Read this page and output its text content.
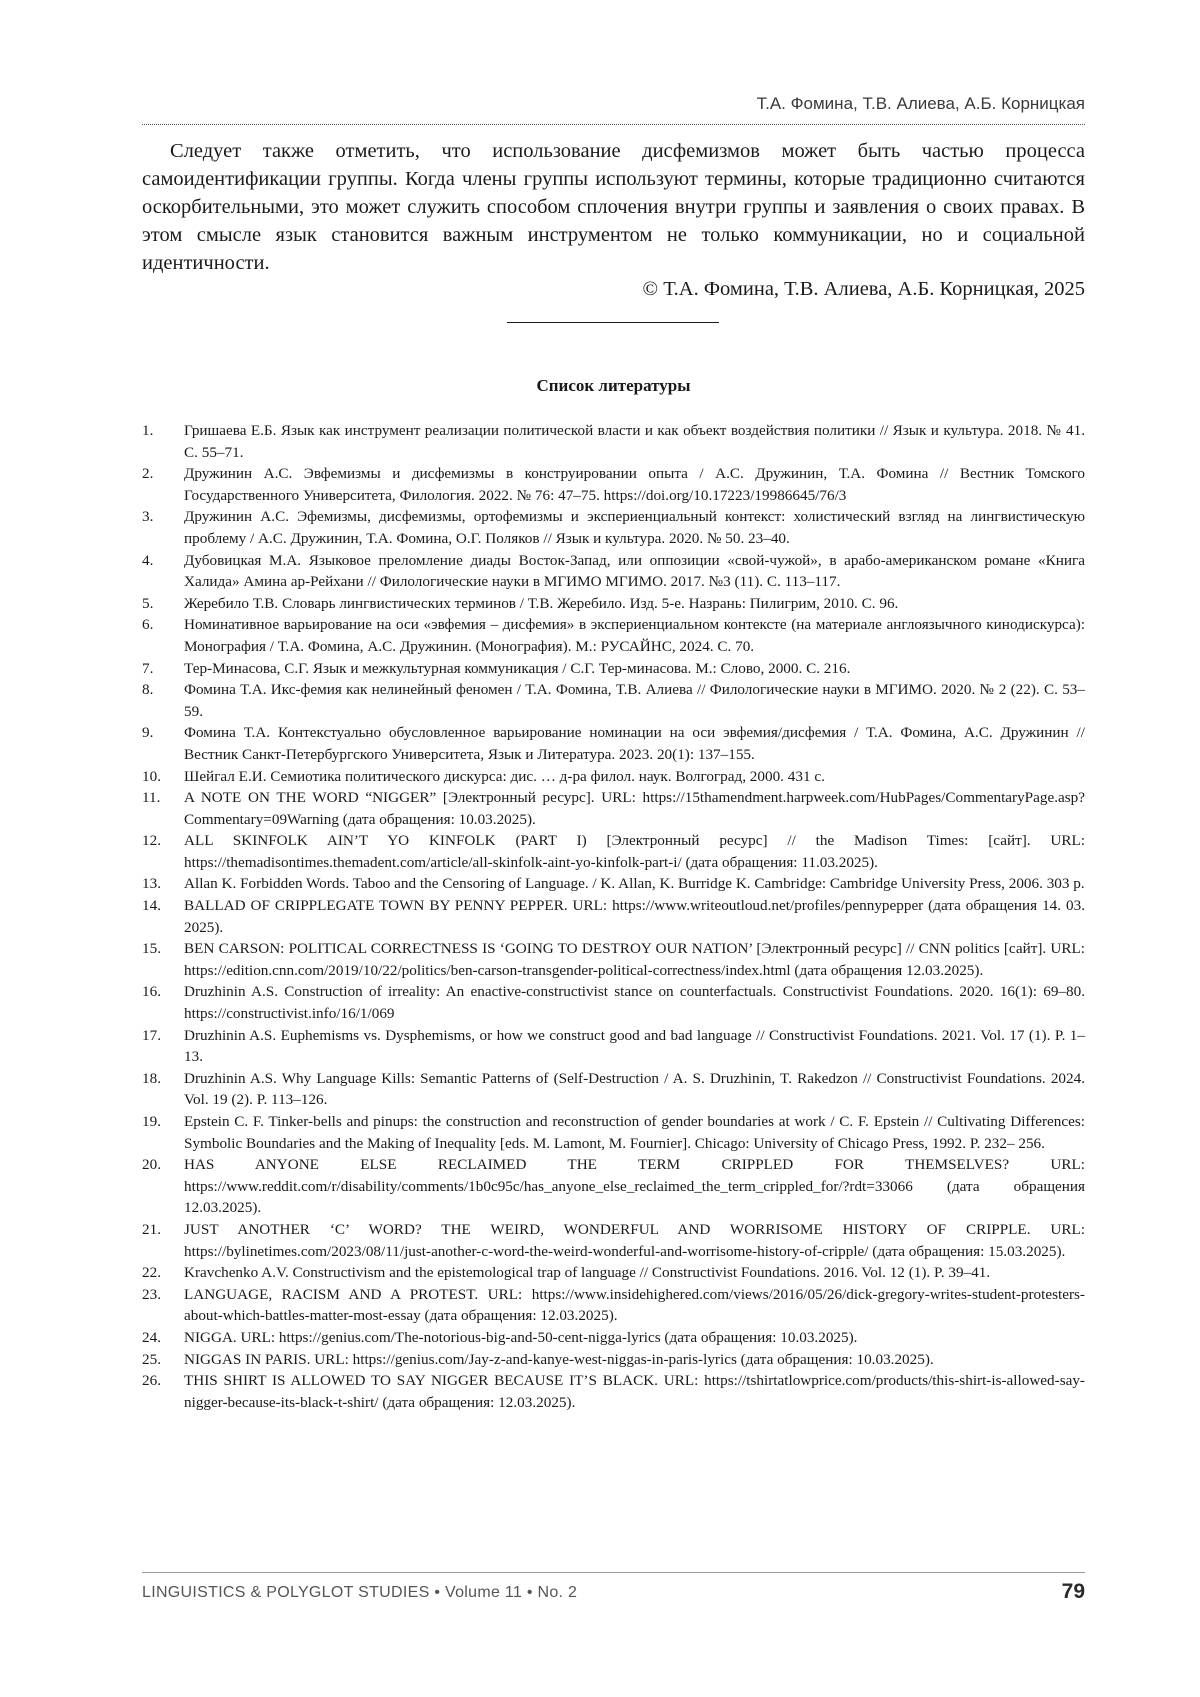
Т.А. Фомина, Т.В. Алиева, А.Б. Корницкая

Следует также отметить, что использование дисфемизмов может быть частью процесса самоидентификации группы. Когда члены группы используют термины, которые традиционно считаются оскорбительными, это может служить способом сплочения внутри группы и заявления о своих правах. В этом смысле язык становится важным инструментом не только коммуникации, но и социальной идентичности.

© Т.А. Фомина, Т.В. Алиева, А.Б. Корницкая, 2025
Список литературы
1. Гришаева Е.Б. Язык как инструмент реализации политической власти и как объект воздействия политики // Язык и культура. 2018. № 41. С. 55–71.
2. Дружинин А.С. Эвфемизмы и дисфемизмы в конструировании опыта / А.С. Дружинин, Т.А. Фомина // Вестник Томского Государственного Университета, Филология. 2022. № 76: 47–75. https://doi.org/10.17223/19986645/76/3
3. Дружинин А.С. Эфемизмы, дисфемизмы, ортофемизмы и экспериенциальный контекст: холистический взгляд на лингвистическую проблему / А.С. Дружинин, Т.А. Фомина, О.Г. Поляков // Язык и культура. 2020. № 50. 23–40.
4. Дубовицкая М.А. Языковое преломление диады Восток-Запад, или оппозиции «свой-чужой», в арабо-американском романе «Книга Халида» Амина ар-Рейхани // Филологические науки в МГИМО МГИМО. 2017. №3 (11). С. 113–117.
5. Жеребило Т.В. Словарь лингвистических терминов / Т.В. Жеребило. Изд. 5-е. Назрань: Пилигрим, 2010. С. 96.
6. Номинативное варьирование на оси «эвфемия – дисфемия» в экспериенциальном контексте (на материале англоязычного кинодискурса): Монография / Т.А. Фомина, А.С. Дружинин. (Монография). М.: РУСАЙНС, 2024. С. 70.
7. Тер-Минасова, С.Г. Язык и межкультурная коммуникация / С.Г. Тер-минасова. М.: Слово, 2000. С. 216.
8. Фомина Т.А. Икс-фемия как нелинейный феномен / Т.А. Фомина, Т.В. Алиева // Филологические науки в МГИМО. 2020. № 2 (22). С. 53–59.
9. Фомина Т.А. Контекстуально обусловленное варьирование номинации на оси эвфемия/дисфемия / Т.А. Фомина, А.С. Дружинин // Вестник Санкт-Петербургского Университета, Язык и Литература. 2023. 20(1): 137–155.
10. Шейгал Е.И. Семиотика политического дискурса: дис. … д-ра филол. наук. Волгоград, 2000. 431 с.
11. A NOTE ON THE WORD “NIGGER” [Электронный ресурс]. URL: https://15thamendment.harpweek.com/HubPages/CommentaryPage.asp?Commentary=09Warning (дата обращения: 10.03.2025).
12. ALL SKINFOLK AIN’T YO KINFOLK (PART I) [Электронный ресурс] // the Madison Times: [сайт]. URL: https://themadisontimes.themadent.com/article/all-skinfolk-aint-yo-kinfolk-part-i/ (дата обращения: 11.03.2025).
13. Allan K. Forbidden Words. Taboo and the Censoring of Language. / K. Allan, K. Burridge K. Cambridge: Cambridge University Press, 2006. 303 p.
14. BALLAD OF CRIPPLEGATE TOWN BY PENNY PEPPER. URL: https://www.writeoutloud.net/profiles/pennypepper (дата обращения 14. 03. 2025).
15. BEN CARSON: POLITICAL CORRECTNESS IS ‘GOING TO DESTROY OUR NATION’ [Электронный ресурс] // CNN politics [сайт]. URL: https://edition.cnn.com/2019/10/22/politics/ben-carson-transgender-political-correctness/index.html (дата обращения 12.03.2025).
16. Druzhinin A.S. Construction of irreality: An enactive-constructivist stance on counterfactuals. Constructivist Foundations. 2020. 16(1): 69–80. https://constructivist.info/16/1/069
17. Druzhinin A.S. Euphemisms vs. Dysphemisms, or how we construct good and bad language // Constructivist Foundations. 2021. Vol. 17 (1). P. 1–13.
18. Druzhinin A.S. Why Language Kills: Semantic Patterns of (Self-Destruction / A. S. Druzhinin, T. Rakedzon // Constructivist Foundations. 2024. Vol. 19 (2). P. 113–126.
19. Epstein C. F. Tinker-bells and pinups: the construction and reconstruction of gender boundaries at work / C. F. Epstein // Cultivating Differences: Symbolic Boundaries and the Making of Inequality [eds. M. Lamont, M. Fournier]. Chicago: University of Chicago Press, 1992. P. 232– 256.
20. HAS ANYONE ELSE RECLAIMED THE TERM CRIPPLED FOR THEMSELVES? URL: https://www.reddit.com/r/disability/comments/1b0c95c/has_anyone_else_reclaimed_the_term_crippled_for/?rdt=33066 (дата обращения 12.03.2025).
21. JUST ANOTHER ‘C’ WORD? THE WEIRD, WONDERFUL AND WORRISOME HISTORY OF CRIPPLE. URL: https://bylinetimes.com/2023/08/11/just-another-c-word-the-weird-wonderful-and-worrisome-history-of-cripple/ (дата обращения: 15.03.2025).
22. Kravchenko A.V. Constructivism and the epistemological trap of language // Constructivist Foundations. 2016. Vol. 12 (1). P. 39–41.
23. LANGUAGE, RACISM AND A PROTEST. URL: https://www.insidehighered.com/views/2016/05/26/dick-gregory-writes-student-protesters-about-which-battles-matter-most-essay (дата обращения: 12.03.2025).
24. NIGGA. URL: https://genius.com/The-notorious-big-and-50-cent-nigga-lyrics (дата обращения: 10.03.2025).
25. NIGGAS IN PARIS. URL: https://genius.com/Jay-z-and-kanye-west-niggas-in-paris-lyrics (дата обращения: 10.03.2025).
26. THIS SHIRT IS ALLOWED TO SAY NIGGER BECAUSE IT’S BLACK. URL: https://tshirtatlowprice.com/products/this-shirt-is-allowed-say-nigger-because-its-black-t-shirt/ (дата обращения: 12.03.2025).
LINGUISTICS & POLYGLOT STUDIES • Volume 11 • No. 2	79
